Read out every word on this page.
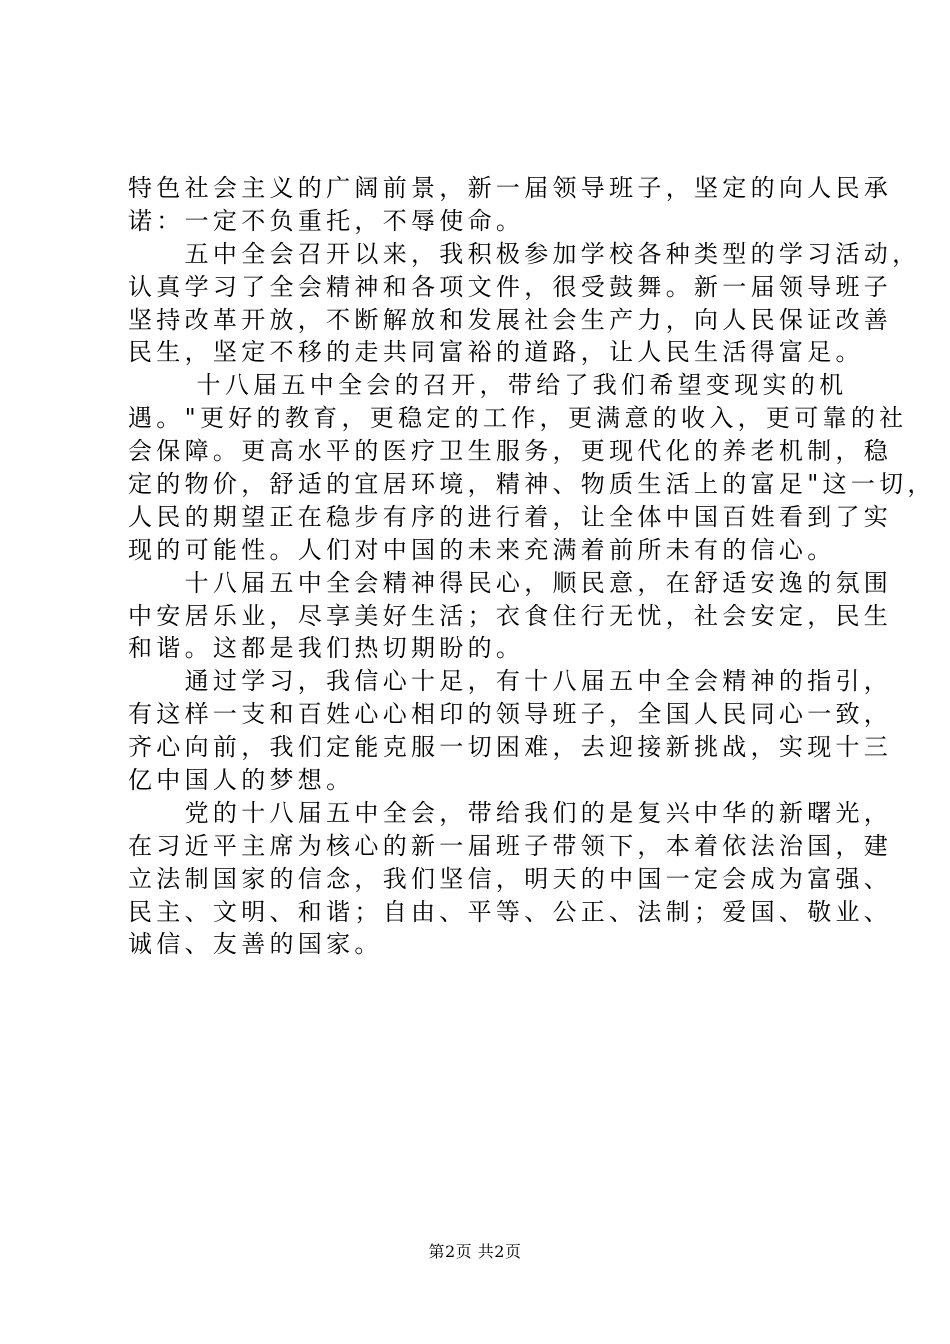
特色社会主义的广阔前景，新一届领导班子，坚定的向人民承
诺：一定不负重托，不辱使命。
　　五中全会召开以来，我积极参加学校各种类型的学习活动，
认真学习了全会精神和各项文件，很受鼓舞。新一届领导班子
坚持改革开放，不断解放和发展社会生产力，向人民保证改善
民生，坚定不移的走共同富裕的道路，让人民生活得富足。
　　 十八届五中全会的召开，带给了我们希望变现实的机
遇。"更好的教育，更稳定的工作，更满意的收入，更可靠的社
会保障。更高水平的医疗卫生服务，更现代化的养老机制，稳
定的物价，舒适的宜居环境，精神、物质生活上的富足"这一切，
人民的期望正在稳步有序的进行着，让全体中国百姓看到了实
现的可能性。人们对中国的未来充满着前所未有的信心。
　　十八届五中全会精神得民心，顺民意，在舒适安逸的氛围
中安居乐业，尽享美好生活；衣食住行无忧，社会安定，民生
和谐。这都是我们热切期盼的。
　　通过学习，我信心十足，有十八届五中全会精神的指引，
有这样一支和百姓心心相印的领导班子，全国人民同心一致，
齐心向前，我们定能克服一切困难，去迎接新挑战，实现十三
亿中国人的梦想。
　　党的十八届五中全会，带给我们的是复兴中华的新曙光，
在习近平主席为核心的新一届班子带领下，本着依法治国，建
立法制国家的信念，我们坚信，明天的中国一定会成为富强、
民主、文明、和谐；自由、平等、公正、法制；爱国、敬业、
诚信、友善的国家。
第2页 共2页
